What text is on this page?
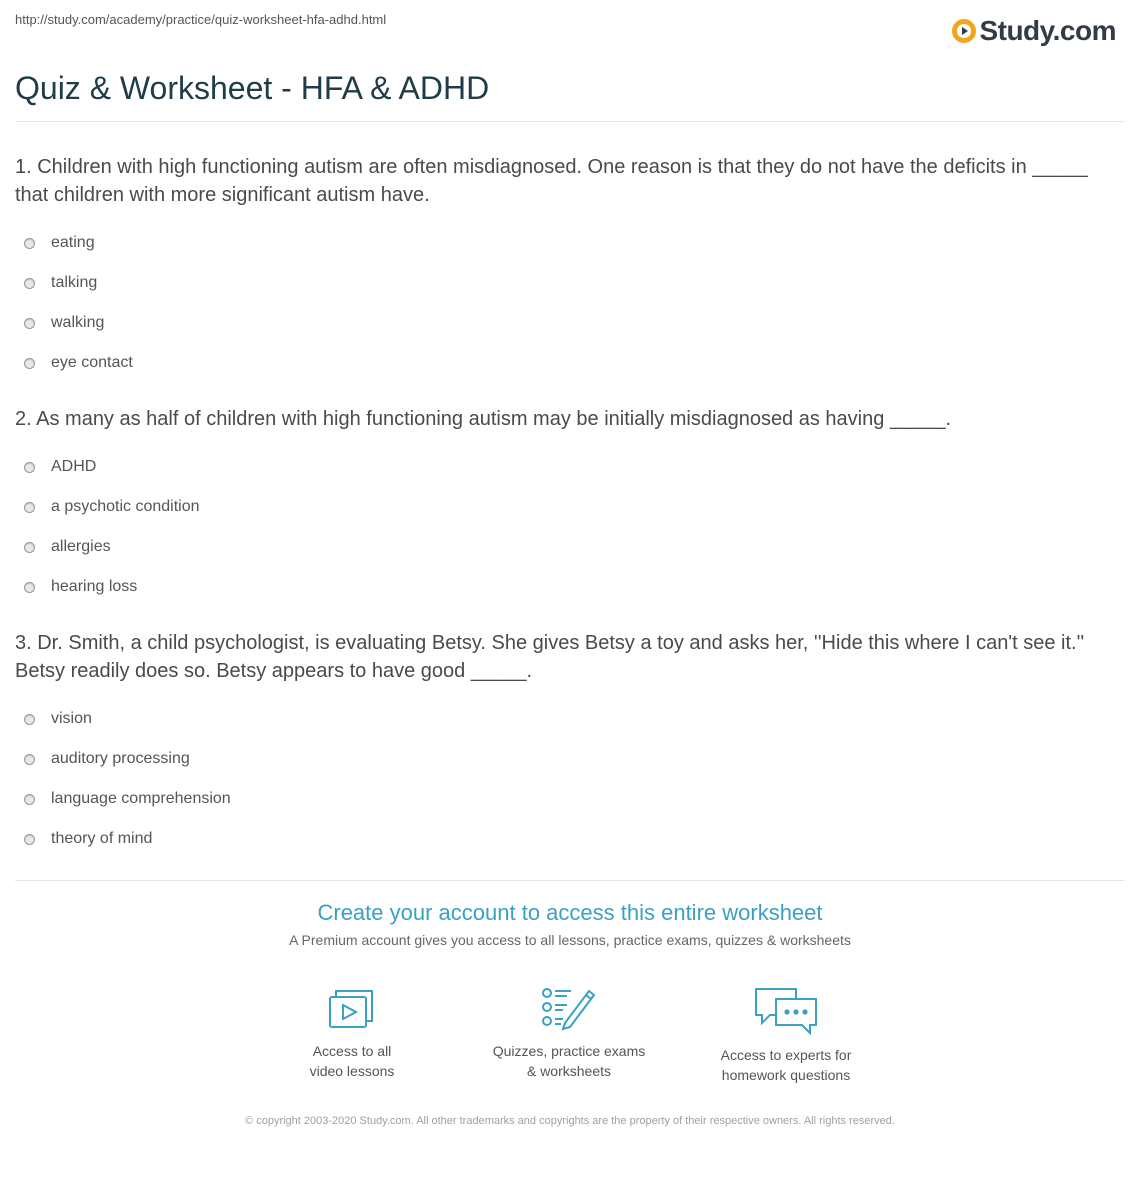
http://study.com/academy/practice/quiz-worksheet-hfa-adhd.html	Study.com
Quiz & Worksheet - HFA & ADHD

1. Children with high functioning autism are often misdiagnosed. One reason is that they do not have the deficits in _____ that children with more significant autism have.

eating
talking
walking
eye contact

2. As many as half of children with high functioning autism may be initially misdiagnosed as having _____.

ADHD
a psychotic condition
allergies
hearing loss

3. Dr. Smith, a child psychologist, is evaluating Betsy. She gives Betsy a toy and asks her, ''Hide this where I can't see it.'' Betsy readily does so. Betsy appears to have good _____.

vision
auditory processing
language comprehension
theory of mind

Create your account to access this entire worksheet

A Premium account gives you access to all lessons, practice exams, quizzes & worksheets
Access to all
video lessons
Quizzes, practice exams
& worksheets
Access to experts for
homework questions
© copyright 2003-2020 Study.com. All other trademarks and copyrights are the property of their respective owners. All rights reserved.
